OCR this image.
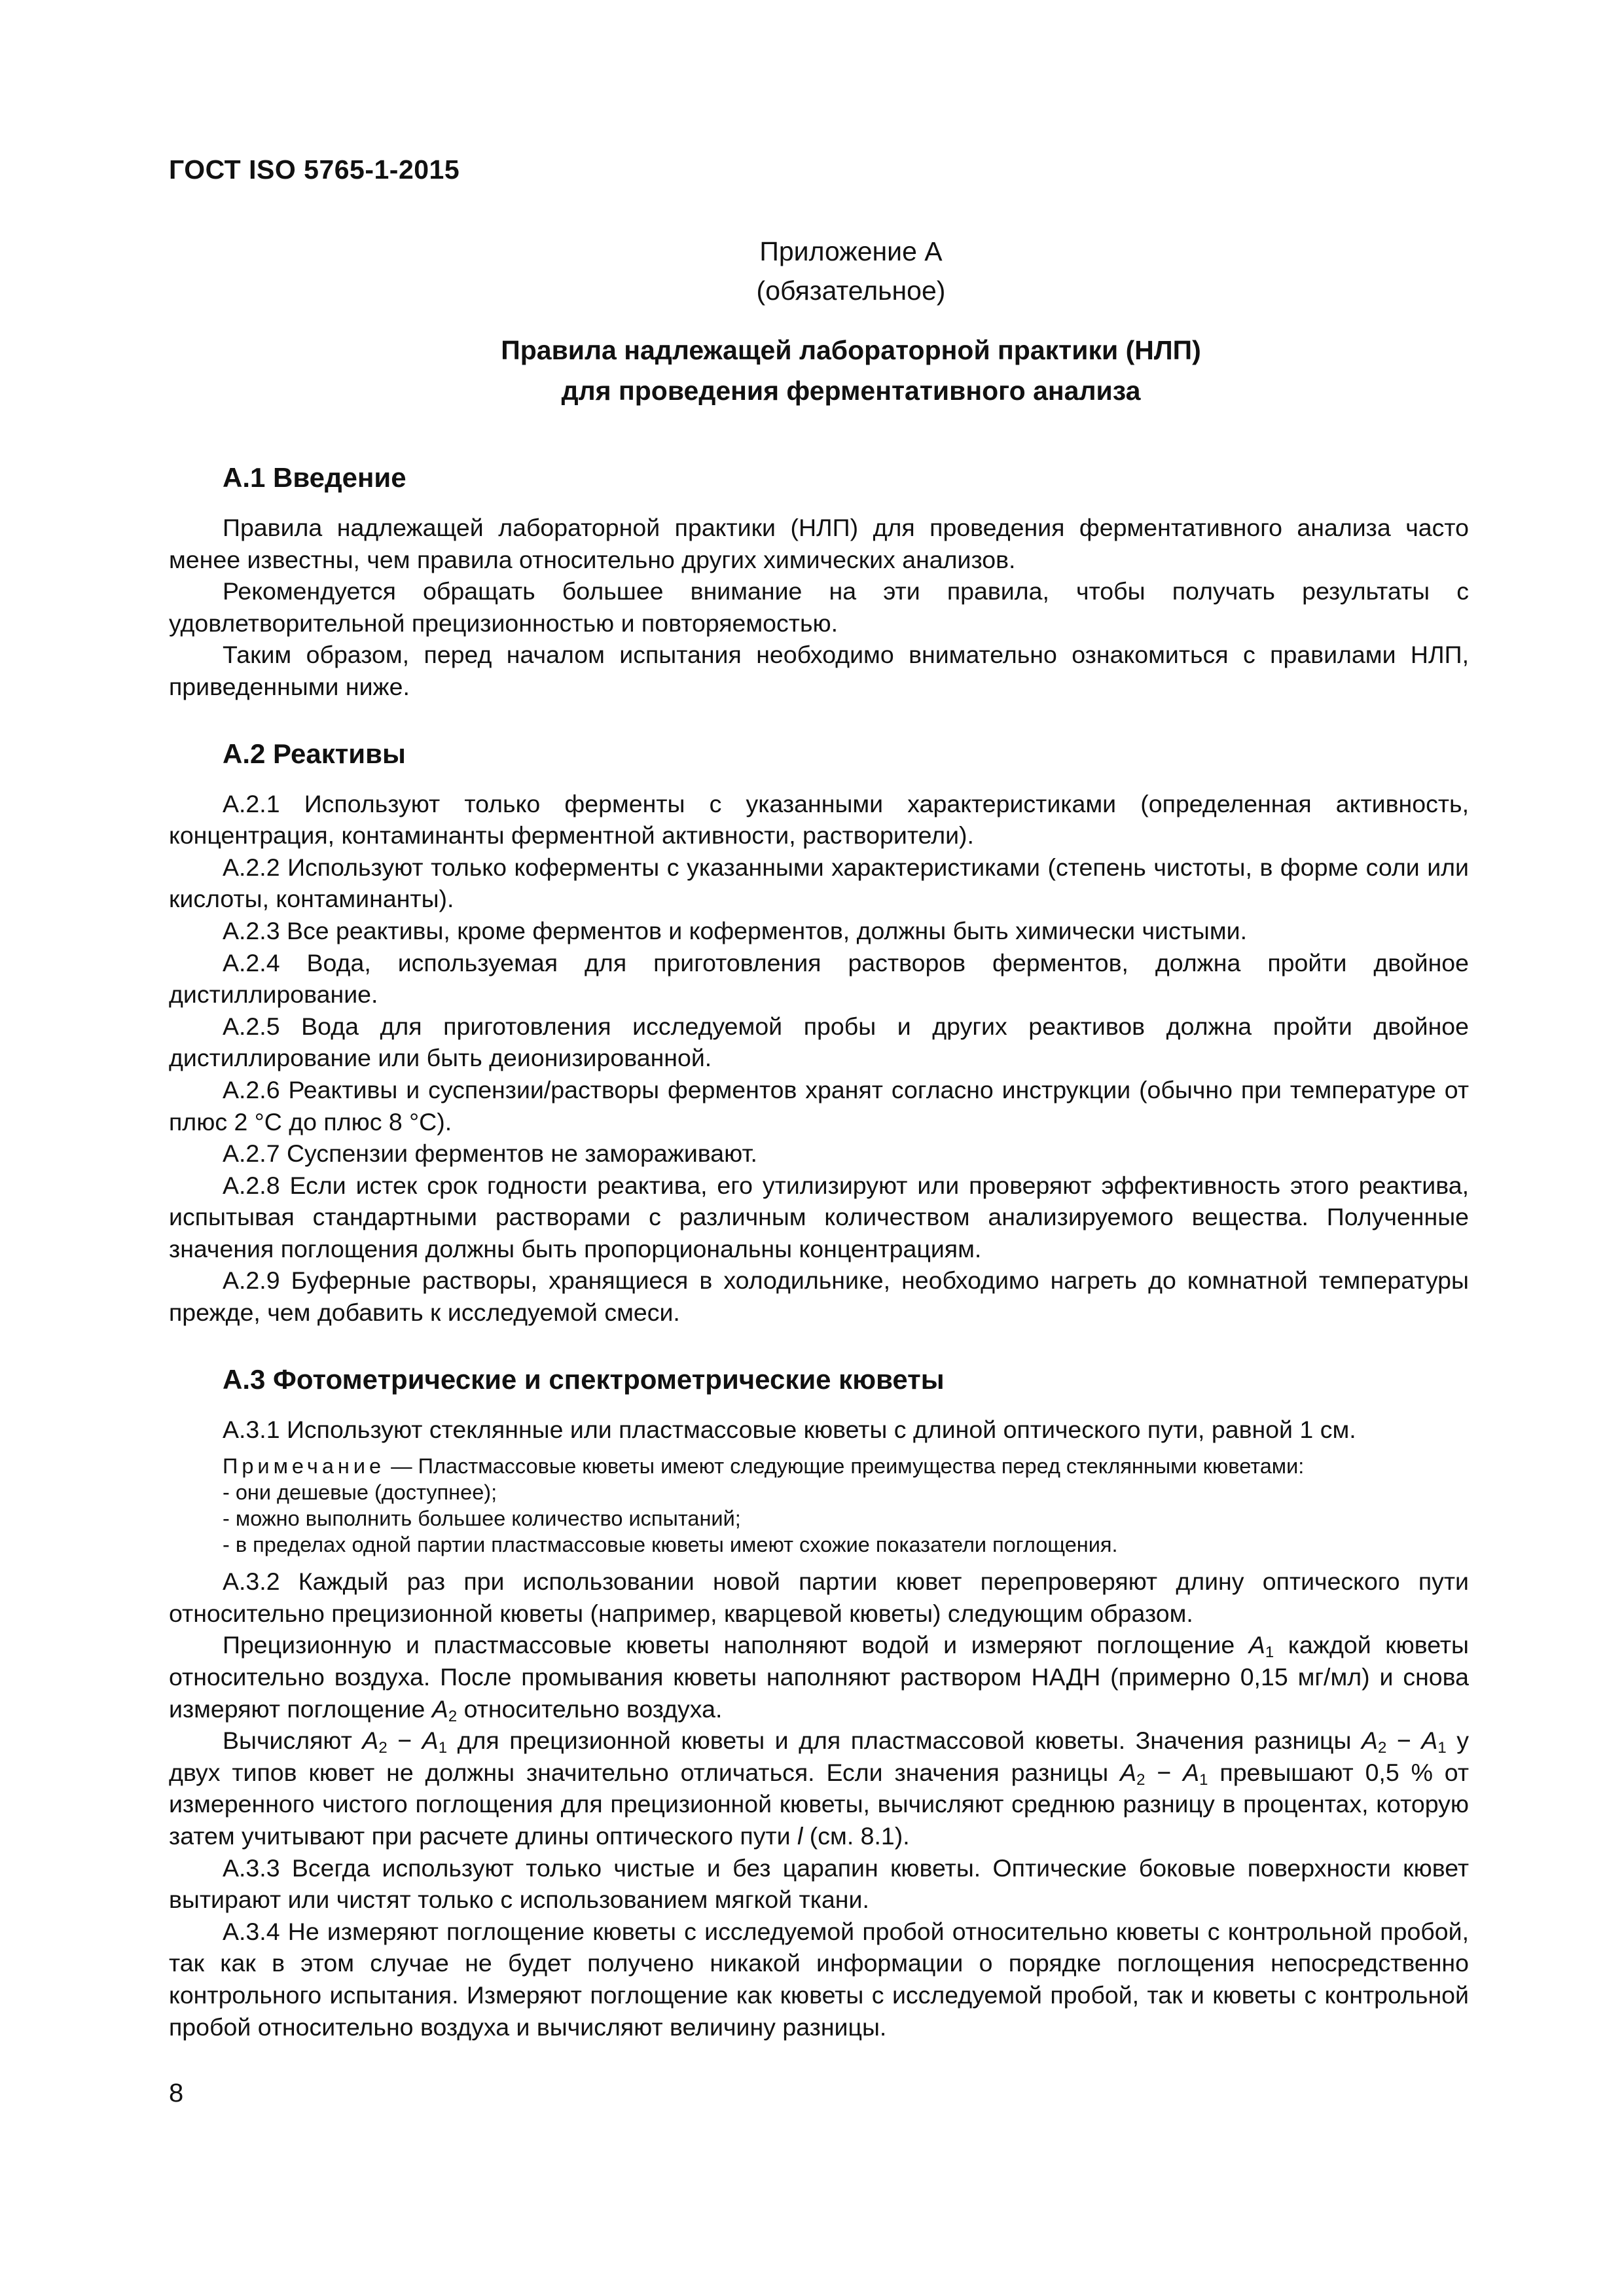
ГОСТ ISO 5765-1-2015
Приложение А
(обязательное)
Правила надлежащей лабораторной практики (НЛП)
для проведения ферментативного анализа
А.1 Введение

Правила надлежащей лабораторной практики (НЛП) для проведения ферментативного анализа часто менее известны, чем правила относительно других химических анализов.

Рекомендуется обращать большее внимание на эти правила, чтобы получать результаты с удовлетворительной прецизионностью и повторяемостью.

Таким образом, перед началом испытания необходимо внимательно ознакомиться с правилами НЛП, приведенными ниже.

А.2 Реактивы

А.2.1 Используют только ферменты с указанными характеристиками (определенная активность, концентрация, контаминанты ферментной активности, растворители).

А.2.2 Используют только коферменты с указанными характеристиками (степень чистоты, в форме соли или кислоты, контаминанты).

А.2.3 Все реактивы, кроме ферментов и коферментов, должны быть химически чистыми.

А.2.4 Вода, используемая для приготовления растворов ферментов, должна пройти двойное дистиллирование.

А.2.5 Вода для приготовления исследуемой пробы и других реактивов должна пройти двойное дистиллирование или быть деионизированной.

А.2.6 Реактивы и суспензии/растворы ферментов хранят согласно инструкции (обычно при температуре от плюс 2 °C до плюс 8 °C).

А.2.7 Суспензии ферментов не замораживают.

А.2.8 Если истек срок годности реактива, его утилизируют или проверяют эффективность этого реактива, испытывая стандартными растворами с различным количеством анализируемого вещества. Полученные значения поглощения должны быть пропорциональны концентрациям.

А.2.9 Буферные растворы, хранящиеся в холодильнике, необходимо нагреть до комнатной температуры прежде, чем добавить к исследуемой смеси.

А.3 Фотометрические и спектрометрические кюветы

А.3.1 Используют стеклянные или пластмассовые кюветы с длиной оптического пути, равной 1 см.

Примечание — Пластмассовые кюветы имеют следующие преимущества перед стеклянными кюветами:
- они дешевые (доступнее);
- можно выполнить большее количество испытаний;
- в пределах одной партии пластмассовые кюветы имеют схожие показатели поглощения.

А.3.2 Каждый раз при использовании новой партии кювет перепроверяют длину оптического пути относительно прецизионной кюветы (например, кварцевой кюветы) следующим образом.

Прецизионную и пластмассовые кюветы наполняют водой и измеряют поглощение $A_1$ каждой кюветы относительно воздуха. После промывания кюветы наполняют раствором НАДН (примерно 0,15 мг/мл) и снова измеряют поглощение $A_2$ относительно воздуха.

Вычисляют $A_2 - A_1$ для прецизионной кюветы и для пластмассовой кюветы. Значения разницы $A_2 - A_1$ у двух типов кювет не должны значительно отличаться. Если значения разницы $A_2 - A_1$ превышают 0,5 % от измеренного чистого поглощения для прецизионной кюветы, вычисляют среднюю разницу в процентах, которую затем учитывают при расчете длины оптического пути l (см. 8.1).

А.3.3 Всегда используют только чистые и без царапин кюветы. Оптические боковые поверхности кювет вытирают или чистят только с использованием мягкой ткани.

А.3.4 Не измеряют поглощение кюветы с исследуемой пробой относительно кюветы с контрольной пробой, так как в этом случае не будет получено никакой информации о порядке поглощения непосредственно контрольного испытания. Измеряют поглощение как кюветы с исследуемой пробой, так и кюветы с контрольной пробой относительно воздуха и вычисляют величину разницы.

8
